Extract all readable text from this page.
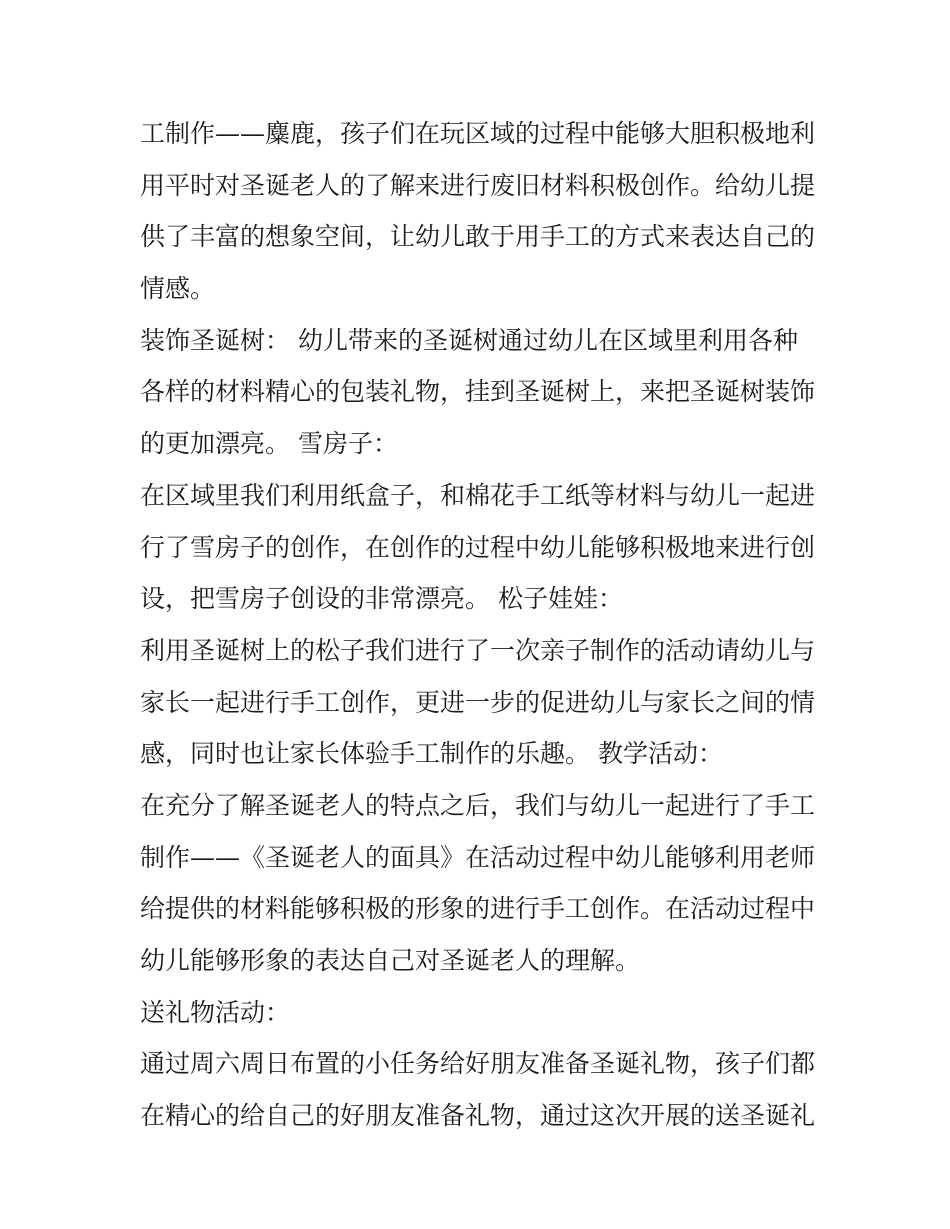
工制作——麋鹿，孩子们在玩区域的过程中能够大胆积极地利
用平时对圣诞老人的了解来进行废旧材料积极创作。给幼儿提
供了丰富的想象空间，让幼儿敢于用手工的方式来表达自己的
情感。
装饰圣诞树： 幼儿带来的圣诞树通过幼儿在区域里利用各种
各样的材料精心的包装礼物，挂到圣诞树上，来把圣诞树装饰
的更加漂亮。 雪房子：
在区域里我们利用纸盒子，和棉花手工纸等材料与幼儿一起进
行了雪房子的创作，在创作的过程中幼儿能够积极地来进行创
设，把雪房子创设的非常漂亮。 松子娃娃：
利用圣诞树上的松子我们进行了一次亲子制作的活动请幼儿与
家长一起进行手工创作，更进一步的促进幼儿与家长之间的情
感，同时也让家长体验手工制作的乐趣。 教学活动：
在充分了解圣诞老人的特点之后，我们与幼儿一起进行了手工
制作——《圣诞老人的面具》在活动过程中幼儿能够利用老师
给提供的材料能够积极的形象的进行手工创作。在活动过程中
幼儿能够形象的表达自己对圣诞老人的理解。
送礼物活动：
通过周六周日布置的小任务给好朋友准备圣诞礼物，孩子们都
在精心的给自己的好朋友准备礼物，通过这次开展的送圣诞礼
